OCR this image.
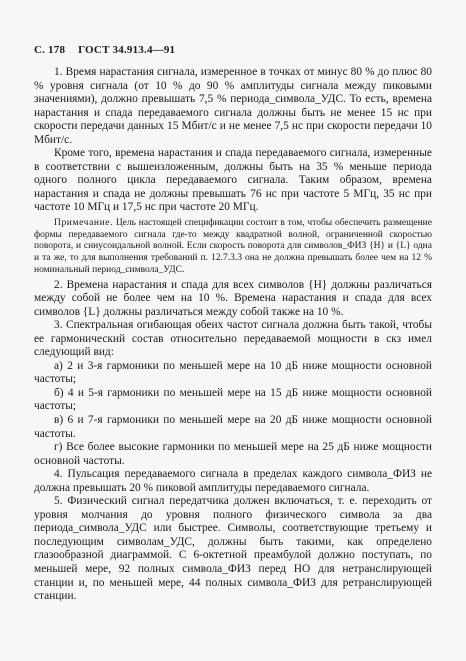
С. 178 ГОСТ 34.913.4—91

1. Время нарастания сигнала, измеренное в точках от минус 80 % до плюс 80 % уровня сигнала (от 10 % до 90 % амплитуды сигнала между пиковыми значениями), должно превышать 7,5 % периода_символа_УДС. То есть, времена нарастания и спада передаваемого сигнала должны быть не менее 15 нс при скорости передачи данных 15 Мбит/с и не менее 7,5 нс при скорости передачи 10 Мбит/с.

Кроме того, времена нарастания и спада передаваемого сигнала, измеренные в соответствии с вышеизложенным, должны быть на 35 % меньше периода одного полного цикла передаваемого сигнала. Таким образом, времена нарастания и спада не должны превышать 76 нс при частоте 5 МГц, 35 нс при частоте 10 МГц и 17,5 нс при частоте 20 МГц.

Примечание. Цель настоящей спецификации состоит в том, чтобы обеспечить размещение формы передаваемого сигнала где-то между квадратной волной, ограниченной скоростью поворота, и синусоидальной волной. Если скорость поворота для символов_ФИЗ {H} и {L} одна и та же, то для выполнения требований п. 12.7.3.3 она не должна превышать более чем на 12 % номинальный период_символа_УДС.

2. Времена нарастания и спада для всех символов {H} должны различаться между собой не более чем на 10 %. Времена нарастания и спада для всех символов {L} должны различаться между собой также на 10 %.

3. Спектральная огибающая обеих частот сигнала должна быть такой, чтобы ее гармонический состав относительно передаваемой мощности в скз имел следующий вид:

а) 2 и 3-я гармоники по меньшей мере на 10 дБ ниже мощности основной частоты;

б) 4 и 5-я гармоники по меньшей мере на 15 дБ ниже мощности основной частоты;

в) 6 и 7-я гармоники по меньшей мере на 20 дБ ниже мощности основной частоты.

г) Все более высокие гармоники по меньшей мере на 25 дБ ниже мощности основной частоты.

4. Пульсация передаваемого сигнала в пределах каждого символа_ФИЗ не должна превышать 20 % пиковой амплитуды передаваемого сигнала.

5. Физический сигнал передатчика должен включаться, т. е. переходить от уровня молчания до уровня полного физического символа за два периода_символа_УДС или быстрее. Символы, соответствующие третьему и последующим символам_УДС, должны быть такими, как определено глазообразной диаграммой. С 6-октетной преамбулой должно поступать, по меньшей мере, 92 полных символа_ФИЗ перед НО для нетранслирующей станции и, по меньшей мере, 44 полных символа_ФИЗ для ретранслирующей станции.
